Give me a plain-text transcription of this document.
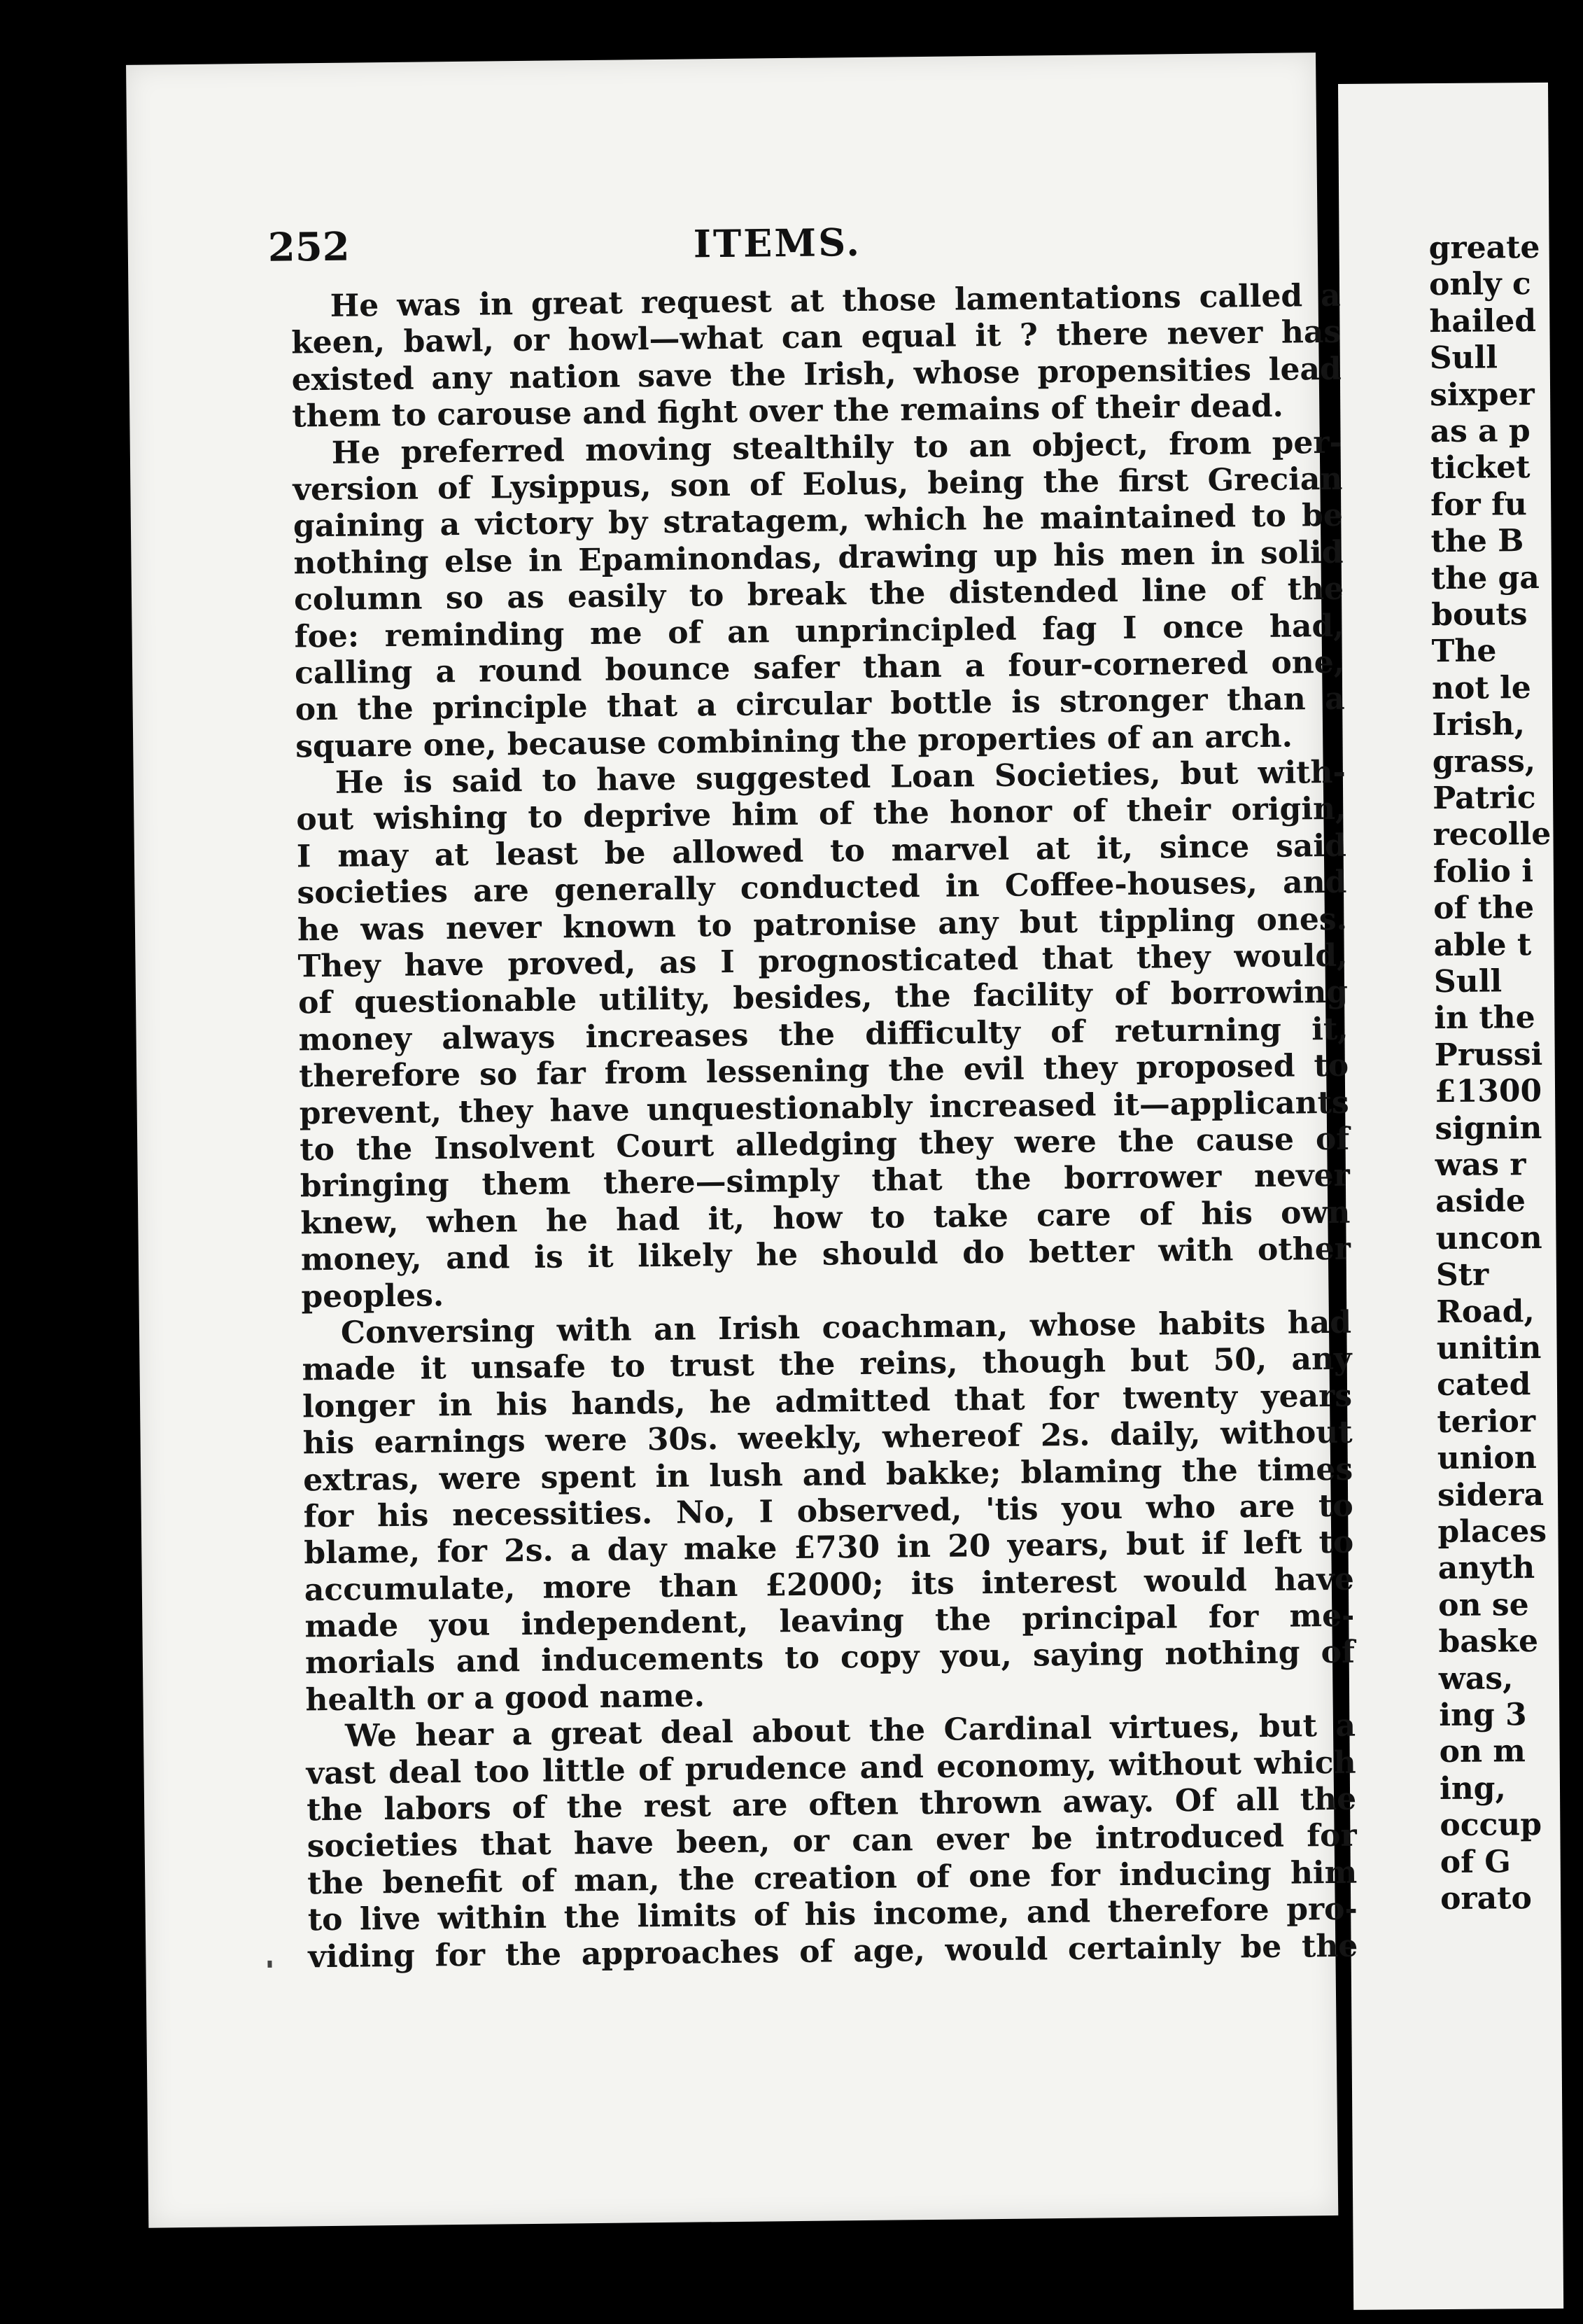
greate

only c

hailed

Sull

sixper

as a p

ticket

for fu

the B

the ga

bouts

The

not le

Irish,

grass,

Patric

recolle

folio i

of the

able t

Sull

in the

Prussi

£1300

signin

was r

aside

uncon

Str

Road,

unitin

cated

terior

union

sidera

places

anyth

on se

baske

was,

ing 3

on m

ing,

occup

of G

orato

252	ITEMS.
He was in great request at those lamentations called a
keen, bawl, or howl—what can equal it ? there never has
existed any nation save the Irish, whose propensities lead
them to carouse and fight over the remains of their dead.
He preferred moving stealthily to an object, from per-
version of Lysippus, son of Eolus, being the first Grecian
gaining a victory by stratagem, which he maintained to be
nothing else in Epaminondas, drawing up his men in solid
column so as easily to break the distended line of the
foe: reminding me of an unprincipled fag I once had,
calling a round bounce safer than a four-cornered one,
on the principle that a circular bottle is stronger than a
square one, because combining the properties of an arch.
He is said to have suggested Loan Societies, but with-
out wishing to deprive him of the honor of their origin,
I may at least be allowed to marvel at it, since said
societies are generally conducted in Coffee-houses, and
he was never known to patronise any but tippling ones.
They have proved, as I prognosticated that they would,
of questionable utility, besides, the facility of borrowing
money always increases the difficulty of returning it,
therefore so far from lessening the evil they proposed to
prevent, they have unquestionably increased it—applicants
to the Insolvent Court alledging they were the cause of
bringing them there—simply that the borrower never
knew, when he had it, how to take care of his own
money, and is it likely he should do better with other
peoples.
Conversing with an Irish coachman, whose habits had
made it unsafe to trust the reins, though but 50, any
longer in his hands, he admitted that for twenty years
his earnings were 30s. weekly, whereof 2s. daily, without
extras, were spent in lush and bakke; blaming the times
for his necessities. No, I observed, 'tis you who are to
blame, for 2s. a day make £730 in 20 years, but if left to
accumulate, more than £2000; its interest would have
made you independent, leaving the principal for me-
morials and inducements to copy you, saying nothing of
health or a good name.
We hear a great deal about the Cardinal virtues, but a
vast deal too little of prudence and economy, without which
the labors of the rest are often thrown away. Of all the
societies that have been, or can ever be introduced for
the benefit of man, the creation of one for inducing him
to live within the limits of his income, and therefore pro-
viding for the approaches of age, would certainly be the
